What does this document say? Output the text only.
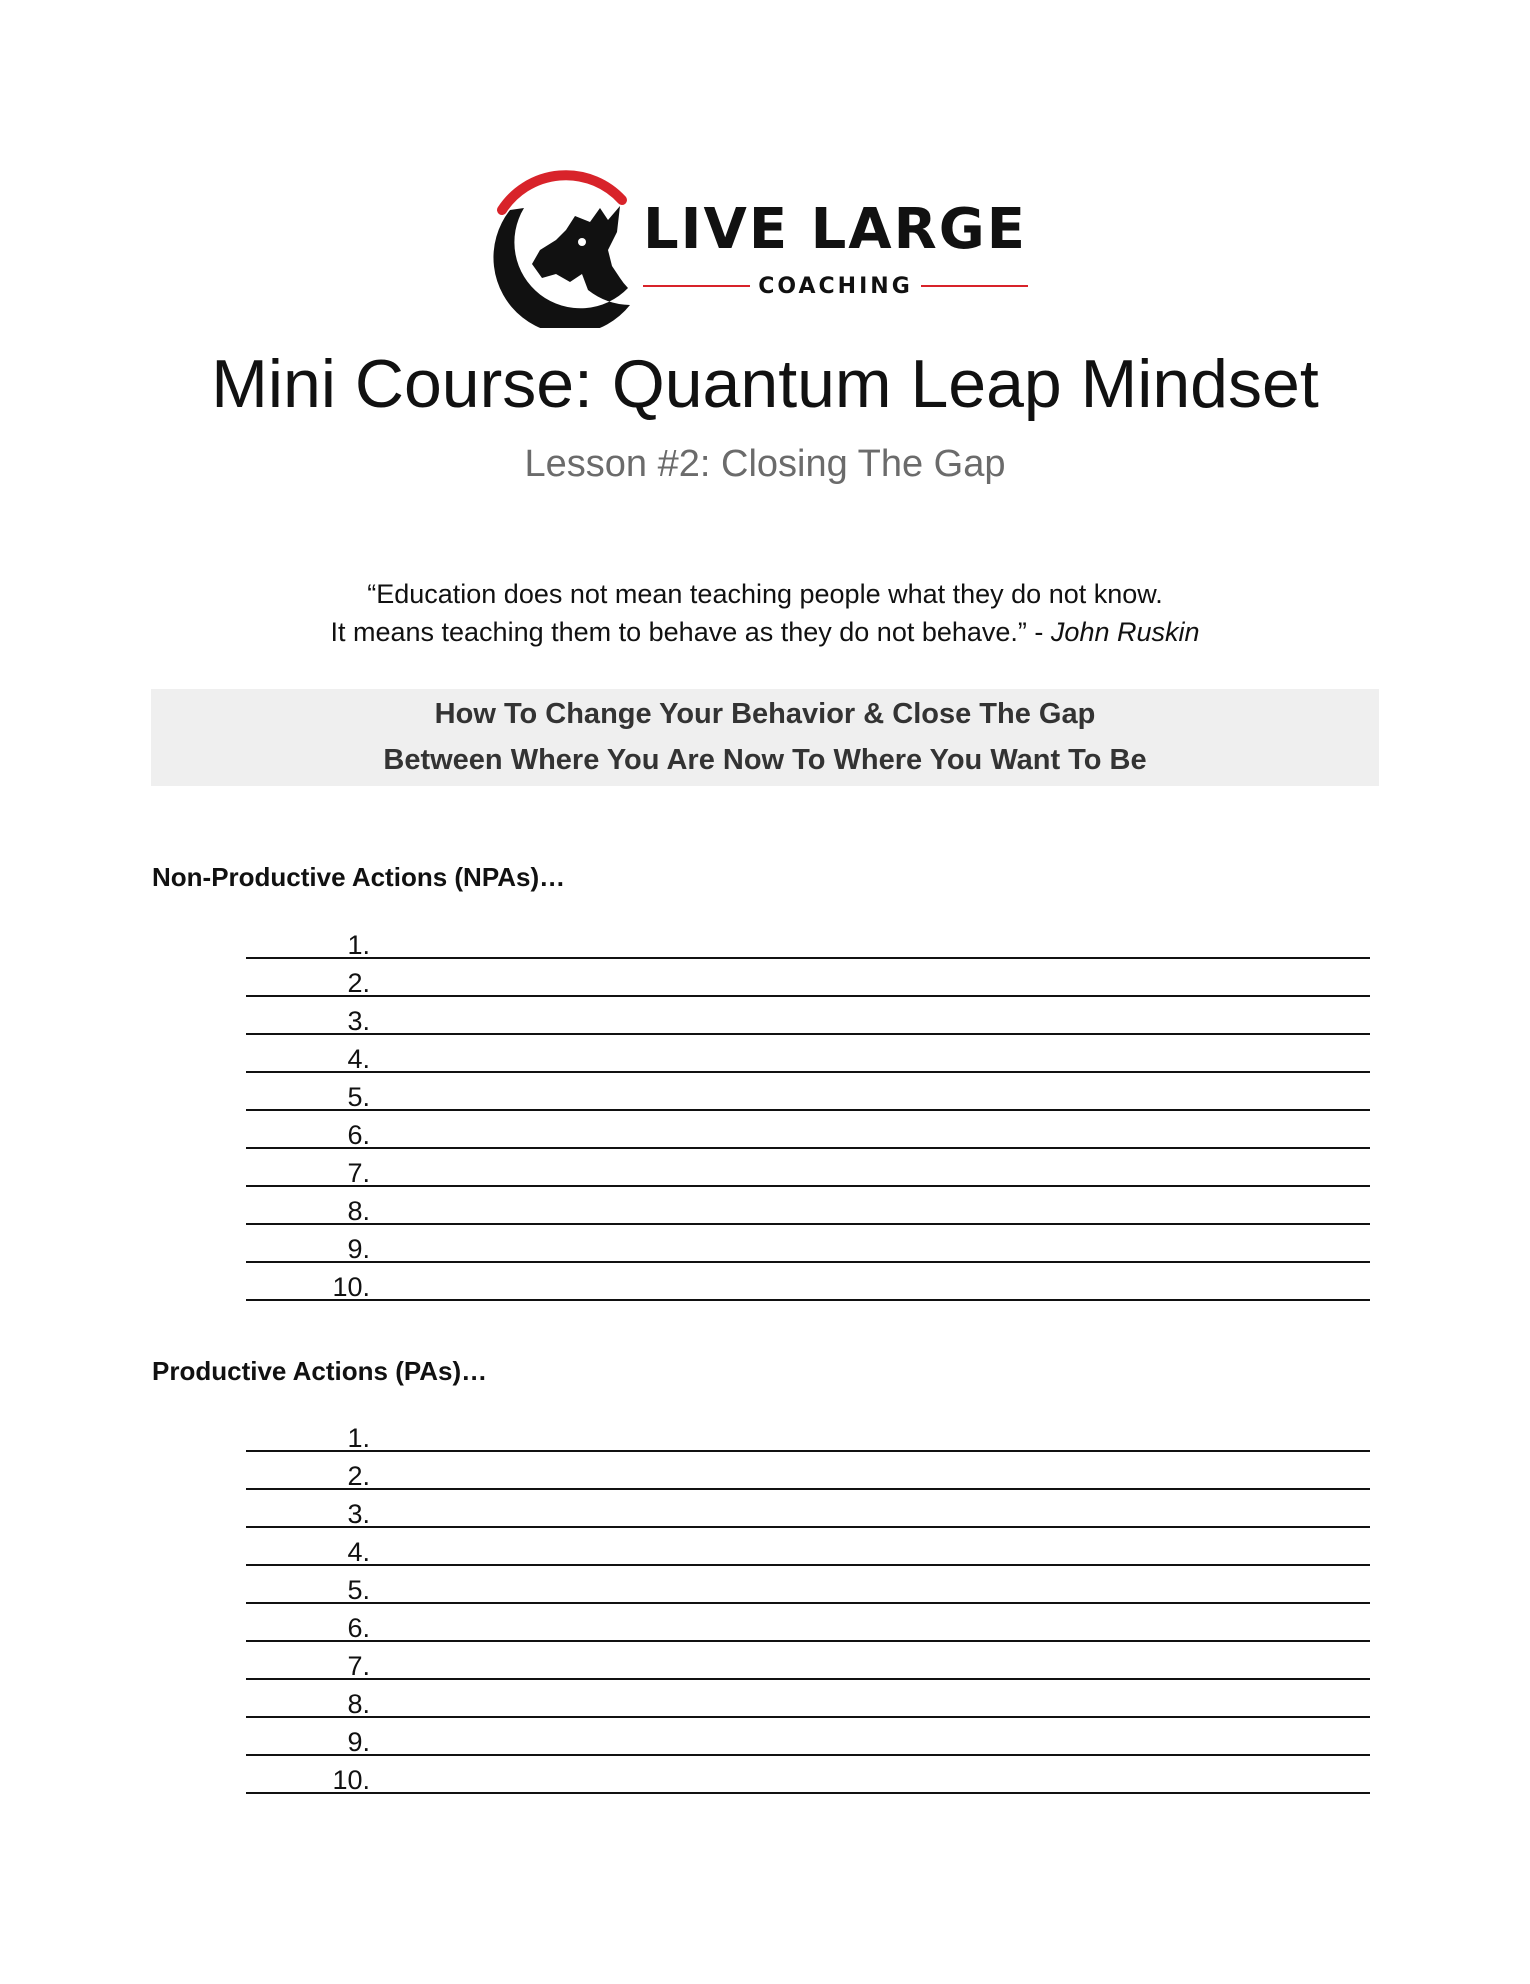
LIVE LARGE
COACHING
Mini Course: Quantum Leap Mindset
Lesson #2: Closing The Gap
“Education does not mean teaching people what they do not know.
It means teaching them to behave as they do not behave.” - John Ruskin
How To Change Your Behavior & Close The Gap
Between Where You Are Now To Where You Want To Be
Non-Productive Actions (NPAs)…
1.
2.
3.
4.
5.
6.
7.
8.
9.
10.
Productive Actions (PAs)…
1.
2.
3.
4.
5.
6.
7.
8.
9.
10.
